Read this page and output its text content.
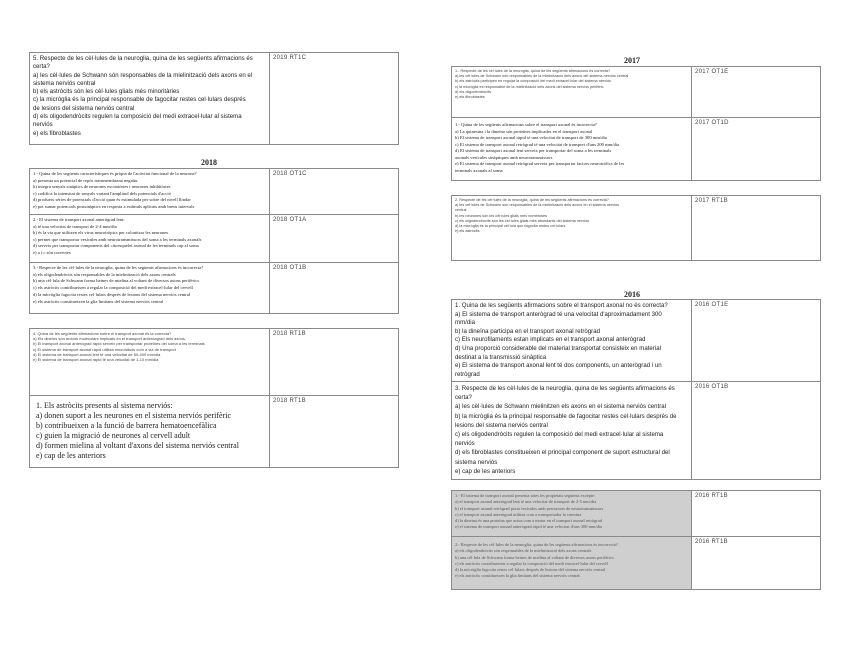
5. Respecte de les cèl·lules de la neuroglia, quina de les següents afirmacions és
certa?
a) les cèl·lules de Schwann són responsables de la mielinització dels axons en el
sistema nerviós central
b) els astròcits són les cèl·lules glials més minoritàries
c) la micròglia és la principal responsable de fagocitar restes cel·lulars després
de lesions del sistema nerviós central
d) els oligodendròcits regulen la composició del medi extracel·lular al sistema
nerviós
e) els fibroblastes
2019 RT1C
2018
1.- Quina de les següents característiques és pròpia de l'activitat funcional de la neurona?
a) presenta un potencial de repòs transmembrana negatiu
b) integra senyals sinàptics de neurones excitatòries i neurones inhibitòries
c) codifica la intensitat de senyals variant l'amplitud dels potencials d'acció
d) produeix sèries de potencials d'acció quan és estimulada per sobre del nivell llindar
e) pot sumar potencials postsinàptics en resposta a estímuls aplicats amb breus intervals
2018 OT1C
2.- El sistema de transport axonal anterògrad lent:
a) té una velocitat de transport de 2-4 mm/dia
b) és la via que utilitzen els virus neurotròpics per colonitzar les neurones
c) permet que transportar vesícules amb neurotransmissors del soma a les terminals axonals
d) serveix per transportar components del citoesquelet axonal de les terminals cap al soma
e) a i c són correctes
2018 OT1A
3.- Respecte de les cèl·lules de la neuroglia, quina de les següents afirmacions és incorrecta?
a) els oligodendròcits són responsables de la mielinització dels axons centrals
b) una cèl·lula de Schwann forma beines de mielina al voltant de diversos axons perifèrics
c) els astròcits contribueixen a regular la composició del medi extracel·lular del cervell
d) la micròglia fagocita restes cel·lulars després de lesions del sistema nerviós central
e) els astròcits constitueixen la glia limitans del sistema nerviós central
2018 OT1B
4. Quina de les següents afirmacions sobre el transport axonal és la correcta?
a) Els dineïns són motors moleculars implicats en el transport anteròagrad dels axons.
b) El transport axonal anterògrad ràpid serveix per transportar proteïnes del soma a les terminals
c) El sistema de transport axonal ràpid utilitza microtúbuls com a via de transport
d) El sistema de transport axonal lent té una velocitat de 50-400 mm/dia
e) El sistema de transport axonal ràpid té una velocitat de 1-10 mm/dia
2018 RT1B
1. Els astròcits presents al sistema nerviós:
a) donen suport a les neurones en el sistema nerviós perifèric
b) contribueixen a la funció de barrera hematoencefàlica
c) guien la migració de neurones al cervell adult
d) formen mielina al voltant d'axons del sistema nerviós central
e) cap de les anteriors
2018 RT1B
2017
1.- Respecte de les cèl·lules de la neuroglia, quina de les següents afirmacions és correcta?
a) les cèl·lules de Schwann són responsables de la mielinització dels axons del sistema nerviós central
b) els astròcits participen en regular la composició del medi extracel·lular del sistema nerviós
c) la micròglia es responsable de la mielinització dels axons del sistema nerviós perifèric
d) els oligodendròcits
e) els fibroblastes
2017 OT1E
1.- Quina de les següents afirmacions sobre el transport axonal és incorrecta?
a) La quinesina i la dineïna són proteïnes implicades en el transport axonal
b) El sistema de transport axonal ràpid té una velocitat de transport de 300 mm/dia
c) El sistema de transport axonal retrògrad té una velocitat de transport d'uns 200 mm/dia
d) El sistema de transport axonal lent serveix per transportar del soma a les terminals
axonals vesícules sinàptiques amb neurotransmissors
e) El sistema de transport axonal retrògrad serveix per transportar factors neurotròfics de les
terminals axonals al soma
2017 OT1D
2. Respecte de les cèl·lules de la neuroglia, quina de les següents afirmacions és correcta?
a) les cèl·lules de Schwann són responsables de la mielinització dels axons en el sistema nerviós
central
b) les neurones són les cèl·lules glials més nombroses
c) els oligodendròcits són les cèl·lules glials més abundants del sistema nerviós
d) la micròglia és la principal cèl·lula que fagocita restes cel·lulars
e) els astròcits
2017 RT1B
2016
1. Quina de les següents afirmacions sobre el transport axonal no és correcta?
a) El sistema de transport anterògrad té una velocitat d'aproximadament 300
mm/dia
b) la dineïna participa en el transport axonal retrògrad
c) Els neurofilaments estan implicats en el transport axonal anterògrad
d) Una proporció considerable del material transportat consisteix en material
destinat a la transmissió sinàptica
e) El sistema de transport axonal lent té dos components, un anterògrad i un
retrògrad
2016 OT1E
3. Respecte de les cèl·lules de la neuroglia, quina de les següents afirmacions és
certa?
a) les cèl·lules de Schwann mielinitzen els axons en el sistema nerviós central
b) la micròglia és la principal responsable de fagocitar restes cel·lulars després de
lesions del sistema nerviós central
c) els oligodendròcits regulen la composició del medi extracel·lular al sistema
nerviós
d) els fibroblastes constitueixen el principal component de suport estructural del
sistema nerviós
e) cap de les anteriors
2016 OT1B
1.- El sistema de transport axonal presenta totes les propietats següents excepte:
a) el transport axonal anterògrad lent té una velocitat de transport de 2-5 mm/dia
b) el transport axonal retrògrad porta vesícules amb precursors de neurotransmissors
c) el transport axonal anterògrad utilitza com a transportador la cinesina
d) la dineïna és una proteïna que actua com a motor en el transport axonal retrògrad
e) el sistema de transport axonal anterògrad ràpid té una velocitat d'uns 300 mm/dia
2016 RT1B
2.- Respecte de les cèl·lules de la neuroglia, quina de les següents afirmacions és incorrecta?
a) els oligodendròcits són responsables de la mielinització dels axons centrals
b) una cèl·lula de Schwann forma beines de mielina al voltant de diversos axons perifèrics
c) els astròcits contribueixen a regular la composició del medi extracel·lular del cervell
d) la micròglia fagocita restes cel·lulars després de lesions del sistema nerviós central
e) els astròcits constitueixen la glia limitans del sistema nerviós central
2016 RT1B
